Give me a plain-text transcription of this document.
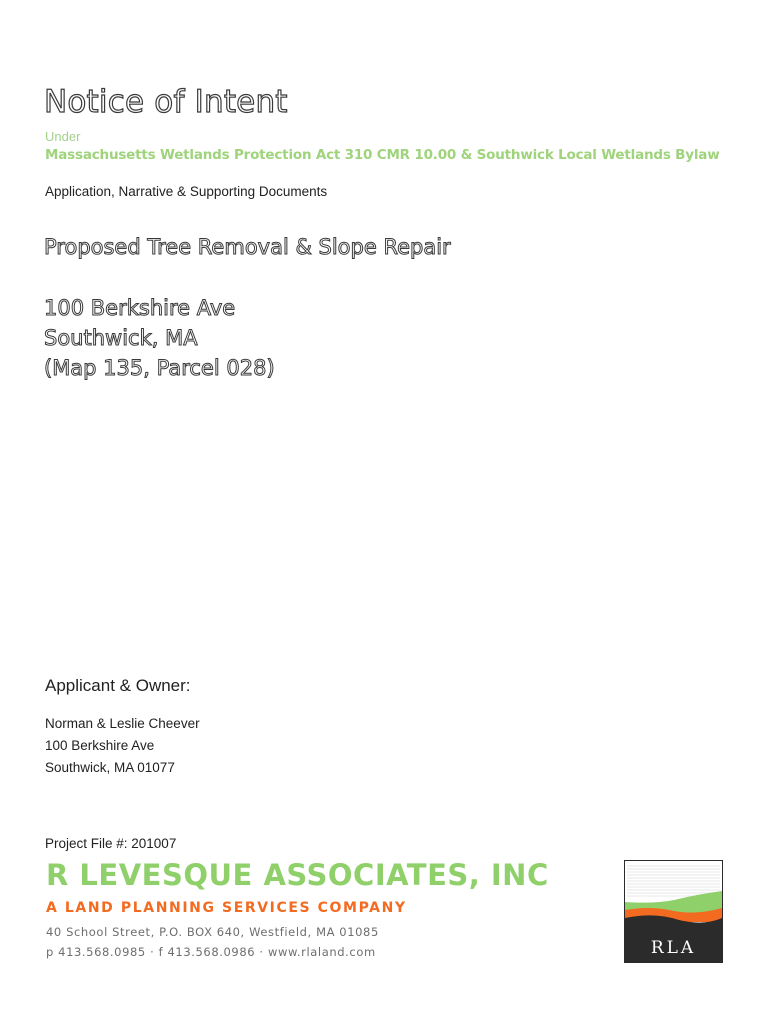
Notice of Intent
Under
Massachusetts Wetlands Protection Act 310 CMR 10.00 & Southwick Local Wetlands Bylaw
Application, Narrative & Supporting Documents
Proposed Tree Removal & Slope Repair
100 Berkshire Ave
Southwick, MA
(Map 135, Parcel 028)
Applicant & Owner:
Norman & Leslie Cheever
100 Berkshire Ave
Southwick, MA 01077
Project File #: 201007
R LEVESQUE ASSOCIATES, INC
A LAND PLANNING SERVICES COMPANY
40 School Street, P.O. BOX 640, Westfield, MA 01085
p 413.568.0985 · f 413.568.0986 · www.rlaland.com	RLA
